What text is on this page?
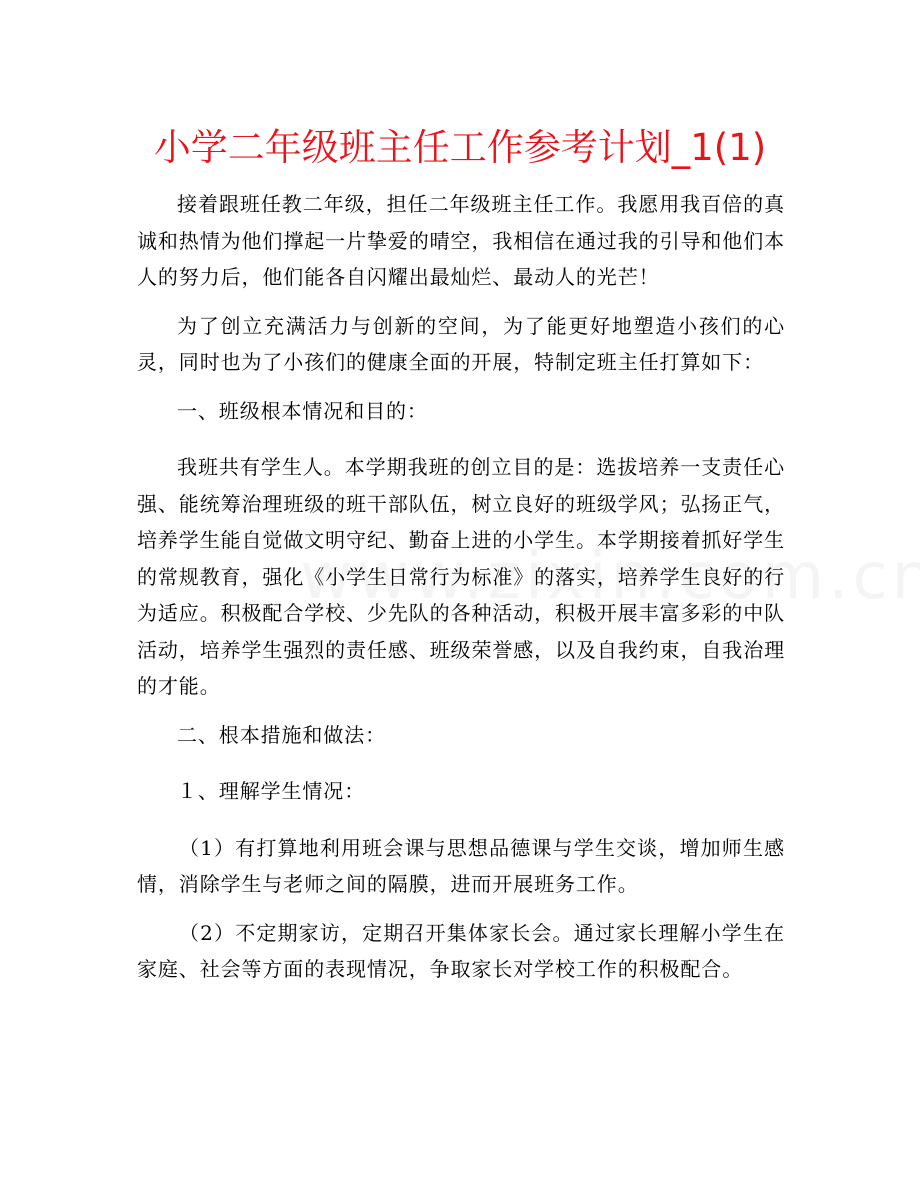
小学二年级班主任工作参考计划_1(1)

接着跟班任教二年级，担任二年级班主任工作。我愿用我百倍的真诚和热情为他们撑起一片挚爱的晴空，我相信在通过我的引导和他们本人的努力后，他们能各自闪耀出最灿烂、最动人的光芒！

为了创立充满活力与创新的空间，为了能更好地塑造小孩们的心灵，同时也为了小孩们的健康全面的开展，特制定班主任打算如下：

一、班级根本情况和目的：

我班共有学生人。本学期我班的创立目的是：选拔培养一支责任心强、能统筹治理班级的班干部队伍，树立良好的班级学风；弘扬正气，培养学生能自觉做文明守纪、勤奋上进的小学生。本学期接着抓好学生的常规教育，强化《小学生日常行为标准》的落实，培养学生良好的行为适应。积极配合学校、少先队的各种活动，积极开展丰富多彩的中队活动，培养学生强烈的责任感、班级荣誉感，以及自我约束，自我治理的才能。

二、根本措施和做法：

１、理解学生情况：

（1）有打算地利用班会课与思想品德课与学生交谈，增加师生感情，消除学生与老师之间的隔膜，进而开展班务工作。

（2）不定期家访，定期召开集体家长会。通过家长理解小学生在家庭、社会等方面的表现情况，争取家长对学校工作的积极配合。
